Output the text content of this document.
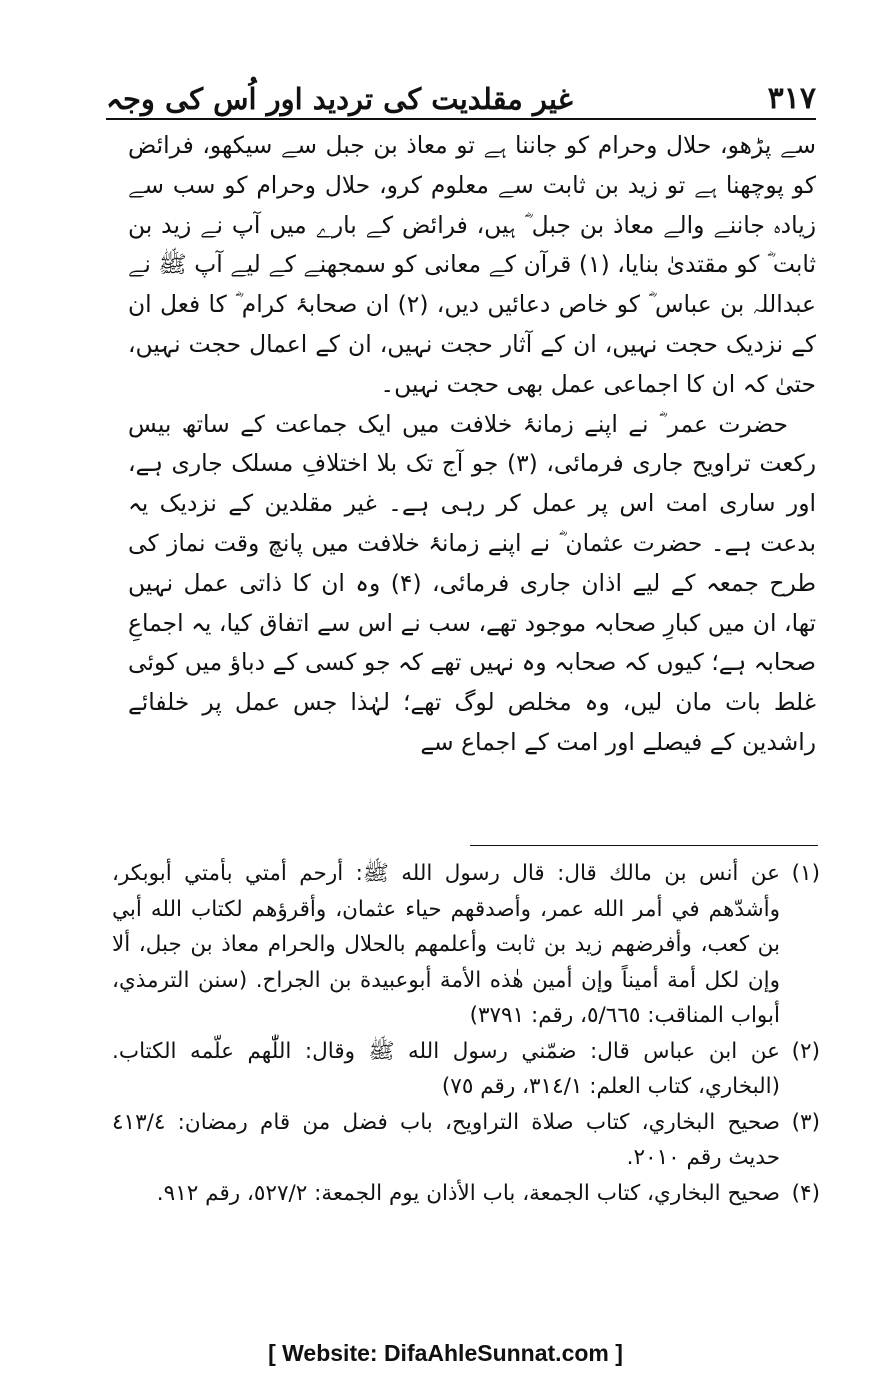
۳۱۷
غیر مقلدیت کی تردید اور اُس کی وجہ

سے پڑھو، حلال وحرام کو جاننا ہے تو معاذ بن جبل سے سیکھو، فرائض کو پوچھنا ہے تو زید بن ثابت سے معلوم کرو، حلال وحرام کو سب سے زیادہ جاننے والے معاذ بن جبل ؓ ہیں، فرائض کے بارے میں آپ نے زید بن ثابت ؓ کو مقتدیٰ بنایا، (۱) قرآن کے معانی کو سمجھنے کے لیے آپ ﷺ نے عبداللہ بن عباس ؓ کو خاص دعائیں دیں، (۲) ان صحابۂ کرام ؓ کا فعل ان کے نزدیک حجت نہیں، ان کے آثار حجت نہیں، ان کے اعمال حجت نہیں، حتیٰ کہ ان کا اجماعی عمل بھی حجت نہیں۔

حضرت عمر ؓ نے اپنے زمانۂ خلافت میں ایک جماعت کے ساتھ بیس رکعت تراویح جاری فرمائی، (۳) جو آج تک بلا اختلافِ مسلک جاری ہے، اور ساری امت اس پر عمل کر رہی ہے۔ غیر مقلدین کے نزدیک یہ بدعت ہے۔ حضرت عثمان ؓ نے اپنے زمانۂ خلافت میں پانچ وقت نماز کی طرح جمعہ کے لیے اذان جاری فرمائی، (۴) وہ ان کا ذاتی عمل نہیں تھا، ان میں کبارِ صحابہ موجود تھے، سب نے اس سے اتفاق کیا، یہ اجماعِ صحابہ ہے؛ کیوں کہ صحابہ وہ نہیں تھے کہ جو کسی کے دباؤ میں کوئی غلط بات مان لیں، وہ مخلص لوگ تھے؛ لہٰذا جس عمل پر خلفائے راشدین کے فیصلے اور امت کے اجماع سے

(۱)
عن أنس بن مالك قال: قال رسول الله ﷺ: أرحم أمتي بأمتي أبوبكر، وأشدّهم في أمر الله عمر، وأصدقهم حياء عثمان، وأقرؤهم لكتاب الله أبي بن كعب، وأفرضهم زيد بن ثابت وأعلمهم بالحلال والحرام معاذ بن جبل، ألا وإن لكل أمة أميناً وإن أمين هٰذه الأمة أبوعبيدة بن الجراح. (سنن الترمذي، أبواب المناقب: ٥/٦٦٥، رقم: ٣٧٩١)
(۲)
عن ابن عباس قال: ضمّني رسول الله ﷺ وقال: اللّٰهم علّمه الكتاب. (البخاري، كتاب العلم: ٣١٤/١، رقم ٧٥)
(۳)
صحيح البخاري، كتاب صلاة التراويح، باب فضل من قام رمضان: ٤١٣/٤ حديث رقم ٢٠١٠.
(۴)
صحيح البخاري، كتاب الجمعة، باب الأذان يوم الجمعة: ٥٢٧/٢، رقم ٩١٢.
[ Website: DifaAhleSunnat.com ]
